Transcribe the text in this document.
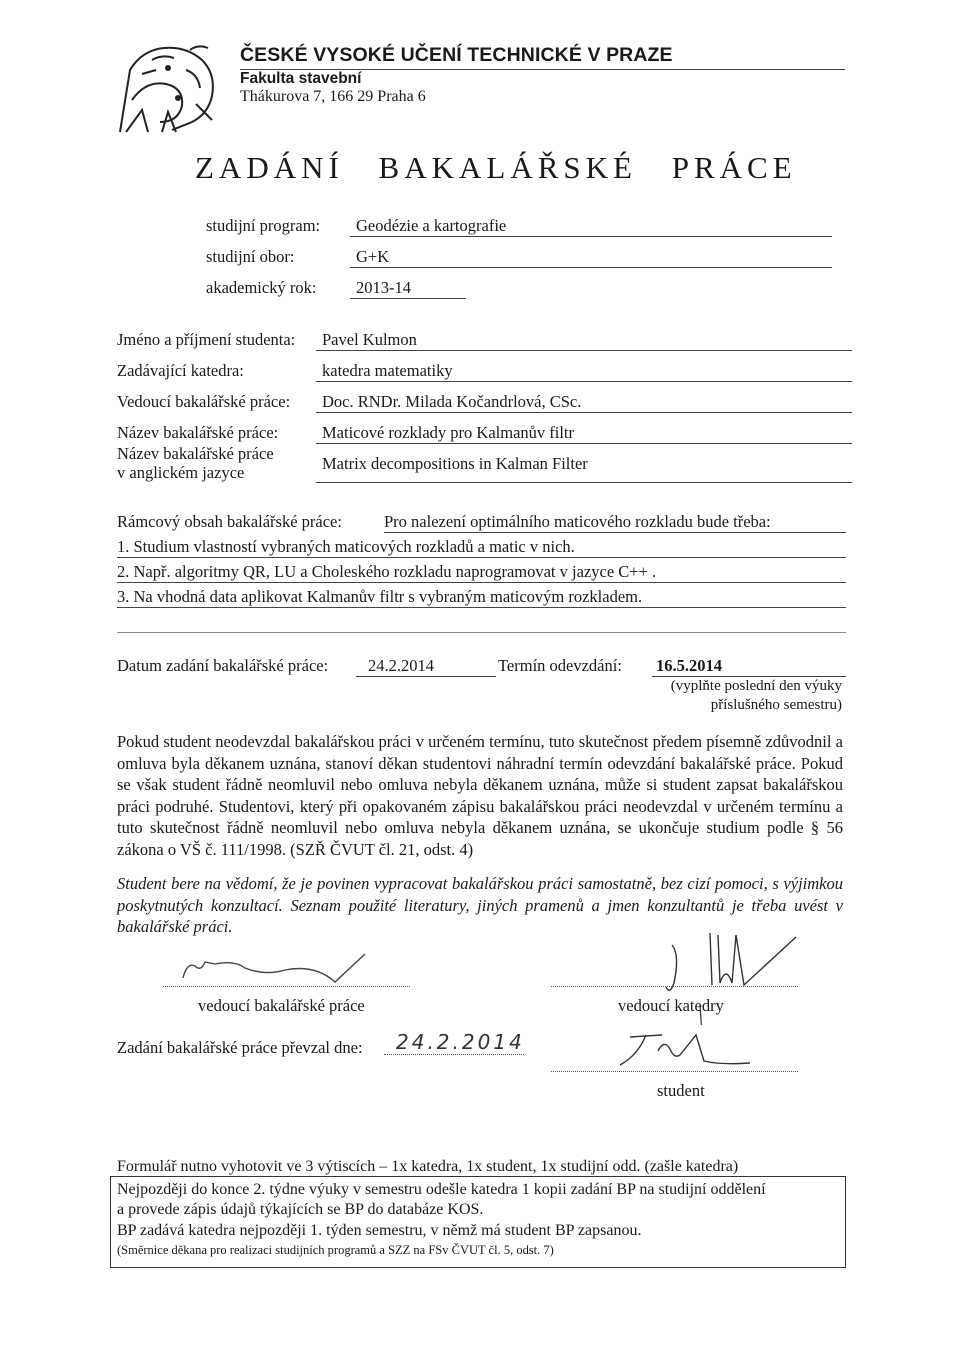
ČESKÉ VYSOKÉ UČENÍ TECHNICKÉ V PRAZE
Fakulta stavební
Thákurova 7, 166 29 Praha 6
ZADÁNÍ BAKALÁŘSKÉ PRÁCE
studijní program:	Geodézie a kartografie
studijní obor:	G+K
akademický rok:	2013-14
Jméno a příjmení studenta:	Pavel Kulmon
Zadávající katedra:	katedra matematiky
Vedoucí bakalářské práce:	Doc. RNDr. Milada Kočandrlová, CSc.
Název bakalářské práce:	Maticové rozklady pro Kalmanův filtr
Název bakalářské práce
v anglickém jazyce	Matrix decompositions in Kalman Filter
Rámcový obsah bakalářské práce:	Pro nalezení optimálního maticového rozkladu bude třeba:
1. Studium vlastností vybraných maticových rozkladů a matic v nich.
2. Např. algoritmy QR, LU a Choleského rozkladu naprogramovat v jazyce C++ .
3. Na vhodná data aplikovat Kalmanův filtr s vybraným maticovým rozkladem.
Datum zadání bakalářské práce:	24.2.2014	Termín odevzdání: 16.5.2014
(vyplňte poslední den výuky
příslušného semestru)
Pokud student neodevzdal bakalářskou práci v určeném termínu, tuto skutečnost předem písemně zdůvodnil a omluva byla děkanem uznána, stanoví děkan studentovi náhradní termín odevzdání bakalářské práce. Pokud se však student řádně neomluvil nebo omluva nebyla děkanem uznána, může si student zapsat bakalářskou práci podruhé. Studentovi, který při opakovaném zápisu bakalářskou práci neodevzdal v určeném termínu a tuto skutečnost řádně neomluvil nebo omluva nebyla děkanem uznána, se ukončuje studium podle § 56 zákona o VŠ č. 111/1998. (SZŘ ČVUT čl. 21, odst. 4)
Student bere na vědomí, že je povinen vypracovat bakalářskou práci samostatně, bez cizí pomoci, s výjimkou poskytnutých konzultací. Seznam použité literatury, jiných pramenů a jmen konzultantů je třeba uvést v bakalářské práci.
vedoucí bakalářské práce	vedoucí katedry
Zadání bakalářské práce převzal dne: 24.2.2014
student
Formulář nutno vyhotovit ve 3 výtiscích – 1x katedra, 1x student, 1x studijní odd. (zašle katedra)
Nejpozději do konce 2. týdne výuky v semestru odešle katedra 1 kopii zadání BP na studijní oddělení
a provede zápis údajů týkajících se BP do databáze KOS.
BP zadává katedra nejpozději 1. týden semestru, v němž má student BP zapsanou.
(Směrnice děkana pro realizaci studijních programů a SZZ na FSv ČVUT čl. 5, odst. 7)
